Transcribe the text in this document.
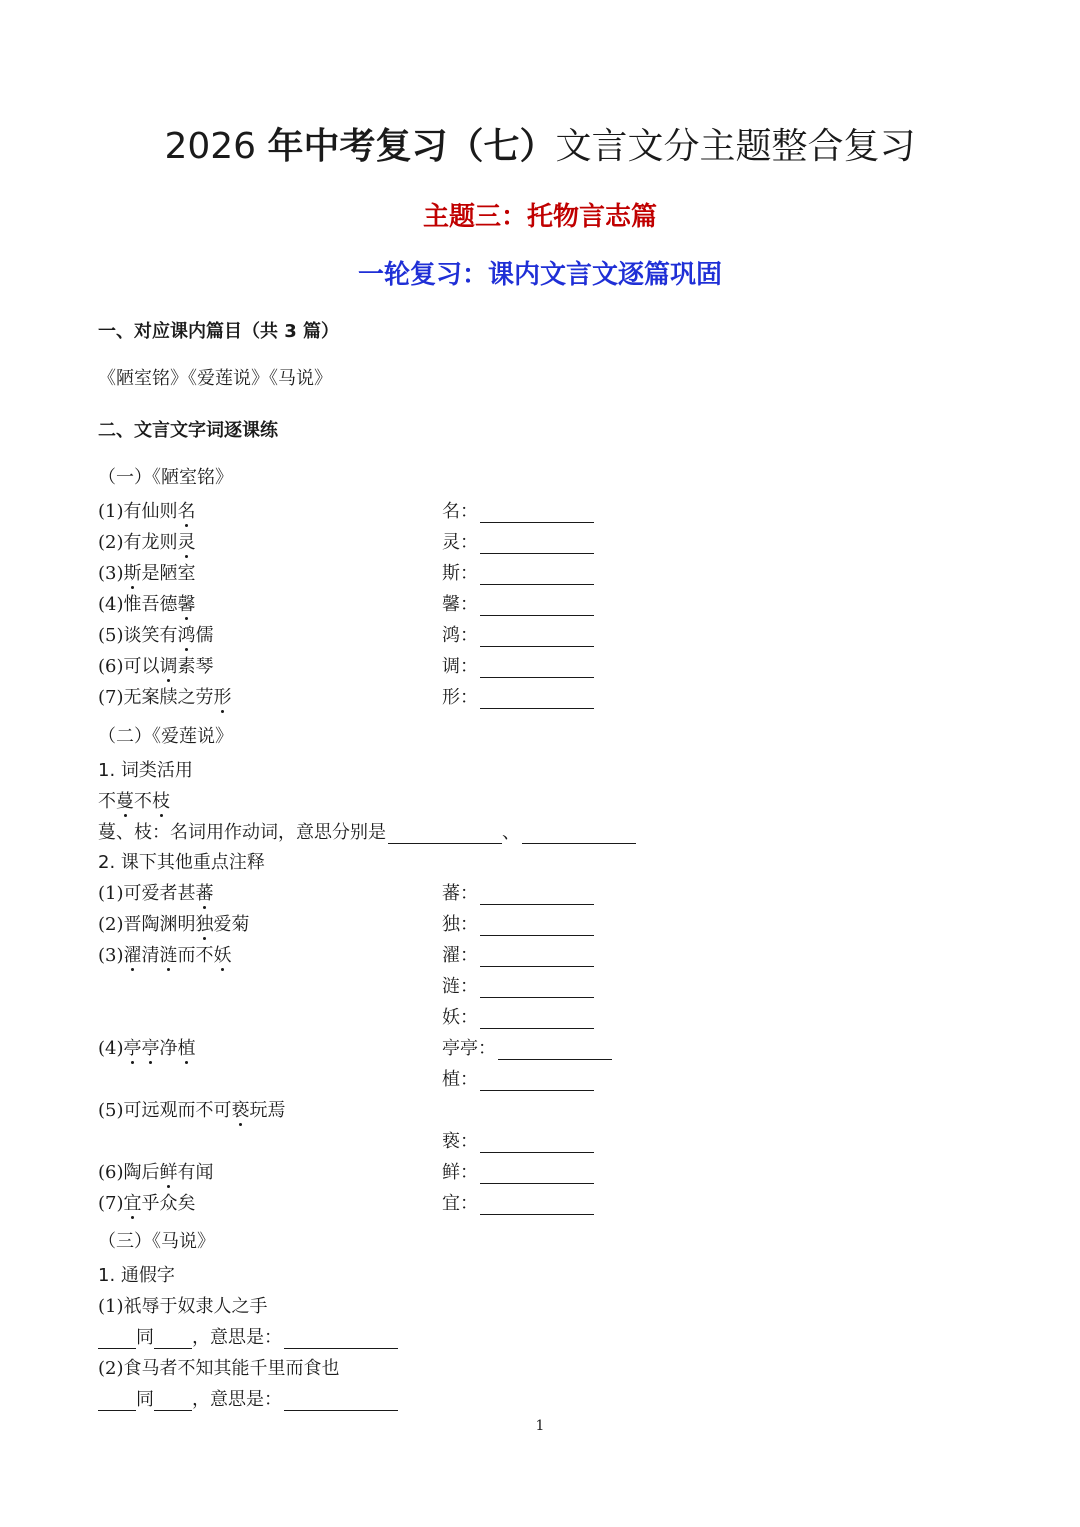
2026 年中考复习（七）文言文分主题整合复习
主题三：托物言志篇
一轮复习：课内文言文逐篇巩固
一、对应课内篇目（共 3 篇）
《陋室铭》《爱莲说》《马说》
二、文言文字词逐课练
（一）《陋室铭》
(1)有仙则名	名：
(2)有龙则灵	灵：
(3)斯是陋室	斯：
(4)惟吾德馨	馨：
(5)谈笑有鸿儒	鸿：
(6)可以调素琴	调：
(7)无案牍之劳形	形：
（二）《爱莲说》
1. 词类活用
不蔓不枝
蔓、枝：名词用作动词，意思分别是	、
2. 课下其他重点注释
(1)可爱者甚蕃	蕃：
(2)晋陶渊明独爱菊	独：
(3)濯清涟而不妖	濯：
涟：
妖：
(4)亭亭净植	亭亭：
植：
(5)可远观而不可亵玩焉
亵：
(6)陶后鲜有闻	鲜：
(7)宜乎众矣	宜：
（三）《马说》
1. 通假字
(1)祇辱于奴隶人之手
同 ，意思是：
(2)食马者不知其能千里而食也
同 ，意思是：
1
